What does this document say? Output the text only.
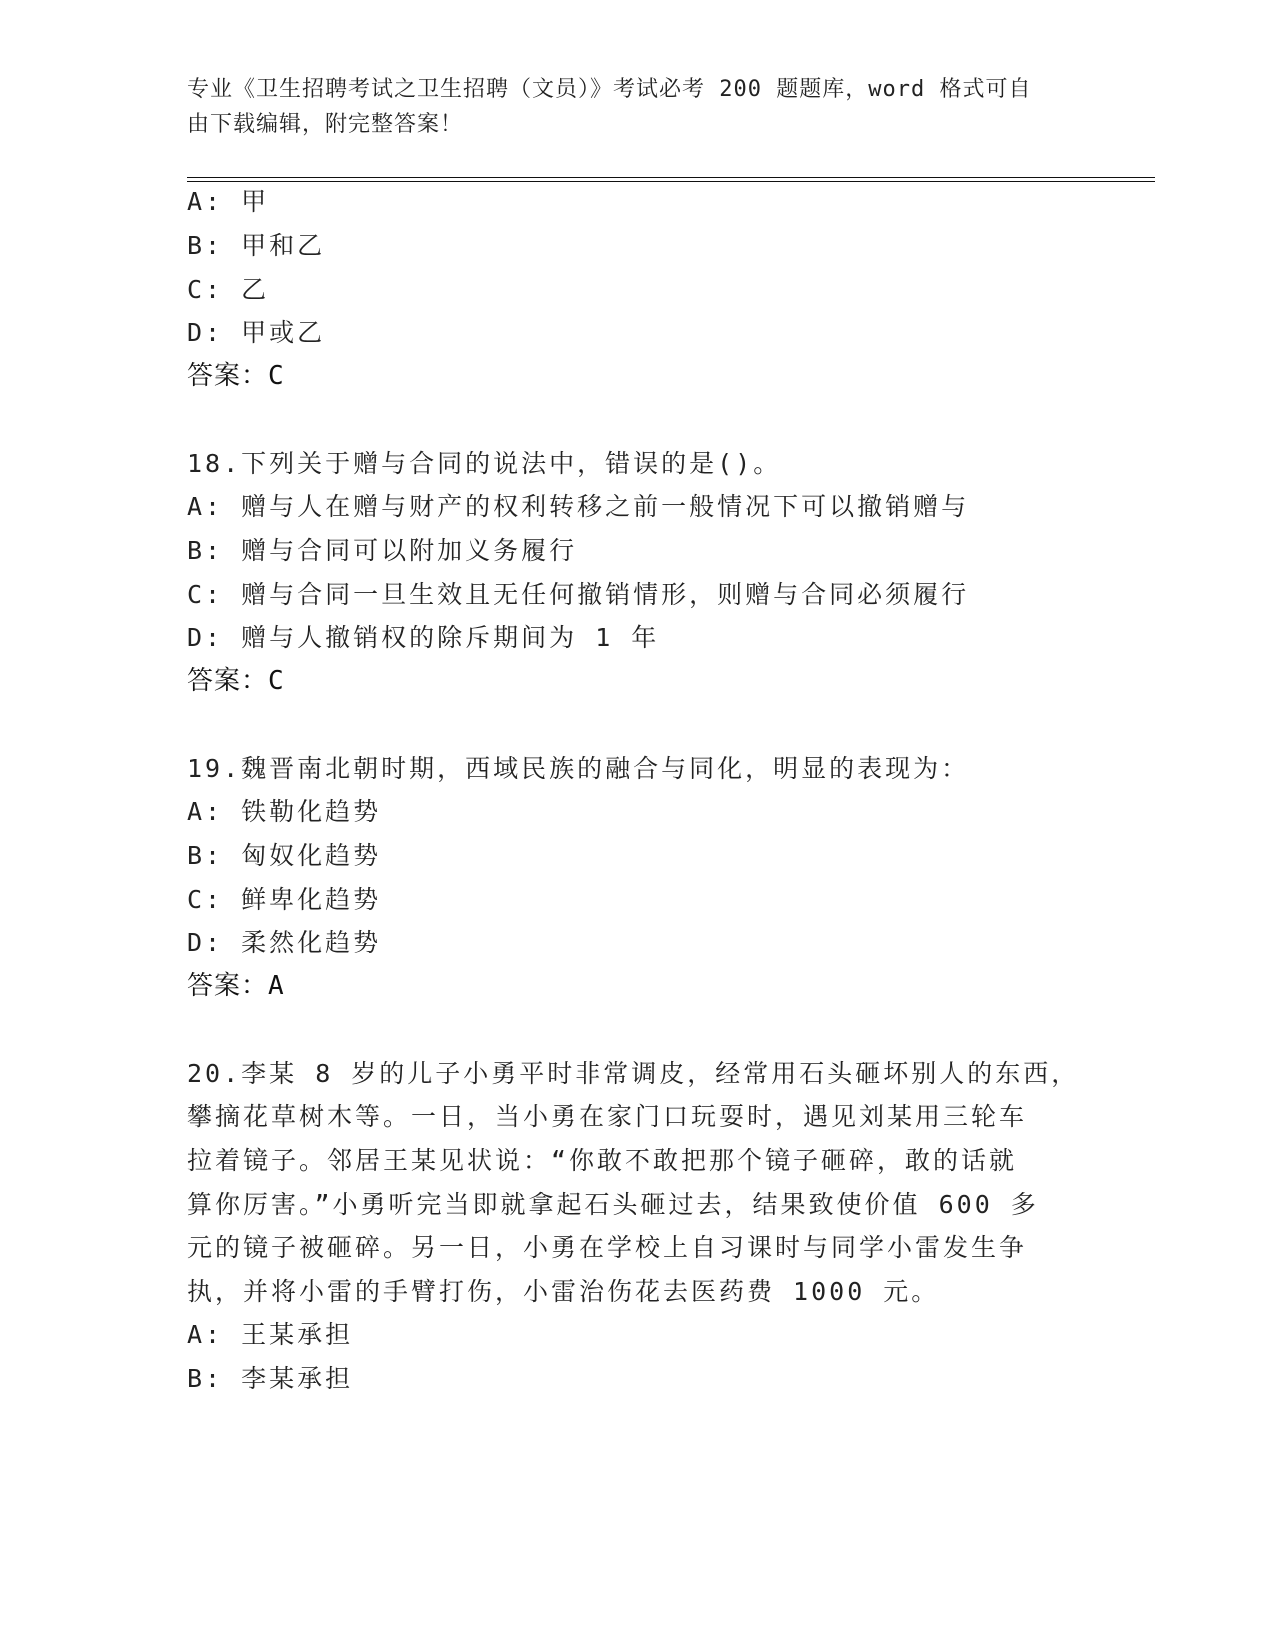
专业《卫生招聘考试之卫生招聘（文员）》考试必考 200 题题库，word 格式可自
由下载编辑，附完整答案！
A: 甲
B: 甲和乙
C: 乙
D: 甲或乙
答案：C
18.下列关于赠与合同的说法中，错误的是()。
A: 赠与人在赠与财产的权利转移之前一般情况下可以撤销赠与
B: 赠与合同可以附加义务履行
C: 赠与合同一旦生效且无任何撤销情形，则赠与合同必须履行
D: 赠与人撤销权的除斥期间为 1 年
答案：C
19.魏晋南北朝时期，西域民族的融合与同化，明显的表现为：
A: 铁勒化趋势
B: 匈奴化趋势
C: 鲜卑化趋势
D: 柔然化趋势
答案：A
20.李某 8 岁的儿子小勇平时非常调皮，经常用石头砸坏别人的东西，
攀摘花草树木等。一日，当小勇在家门口玩耍时，遇见刘某用三轮车
拉着镜子。邻居王某见状说：“你敢不敢把那个镜子砸碎，敢的话就
算你厉害。”小勇听完当即就拿起石头砸过去，结果致使价值 600 多
元的镜子被砸碎。另一日，小勇在学校上自习课时与同学小雷发生争
执，并将小雷的手臂打伤，小雷治伤花去医药费 1000 元。
A: 王某承担
B: 李某承担
